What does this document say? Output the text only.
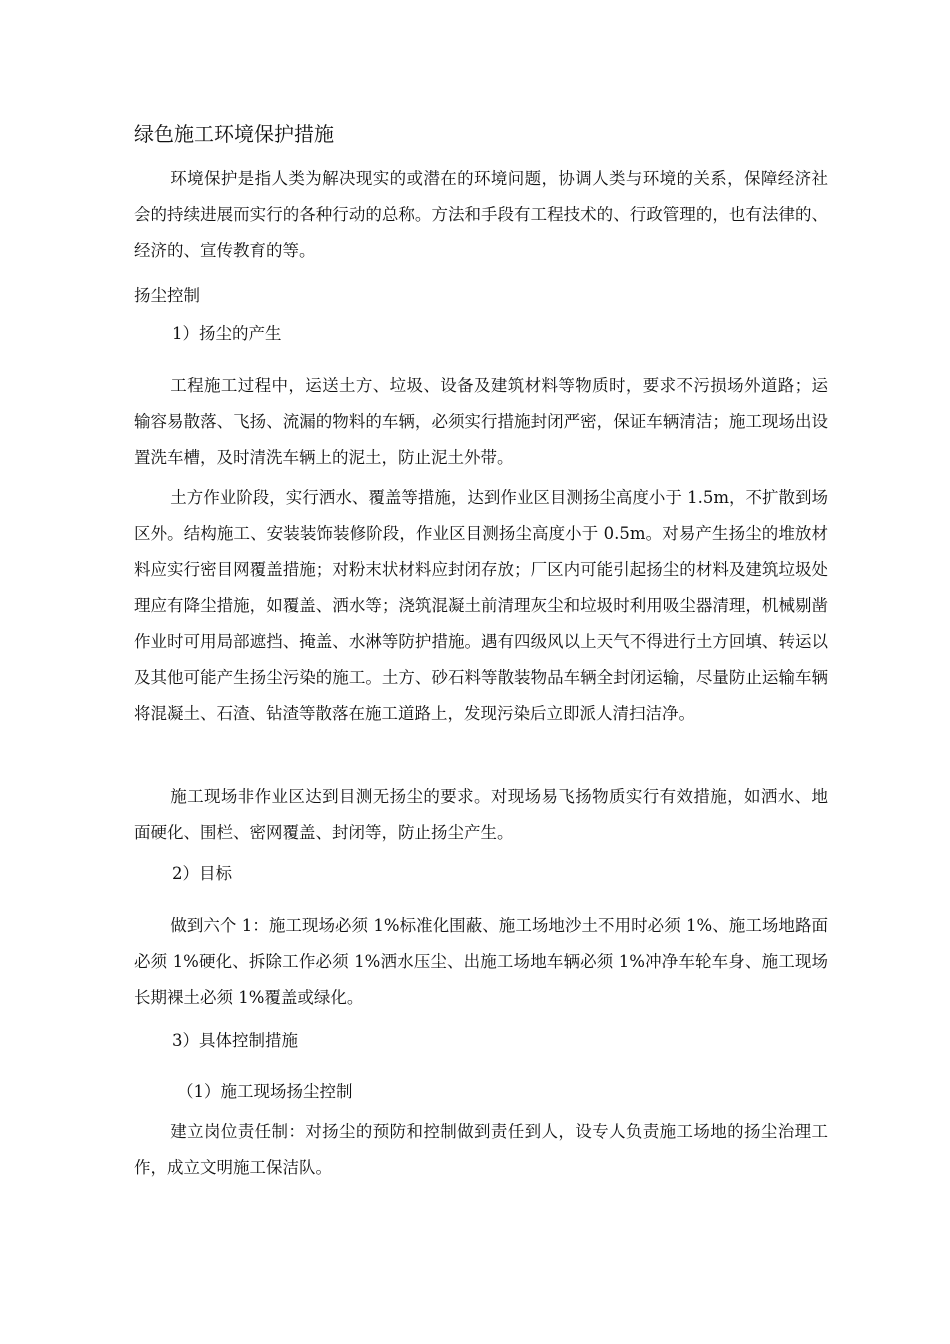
绿色施工环境保护措施

环境保护是指人类为解决现实的或潜在的环境问题，协调人类与环境的关系，保障经济社会的持续进展而实行的各种行动的总称。方法和手段有工程技术的、行政管理的，也有法律的、经济的、宣传教育的等。

扬尘控制
1）扬尘的产生

工程施工过程中，运送土方、垃圾、设备及建筑材料等物质时，要求不污损场外道路；运输容易散落、飞扬、流漏的物料的车辆，必须实行措施封闭严密，保证车辆清洁；施工现场出设置洗车槽，及时清洗车辆上的泥土，防止泥土外带。

土方作业阶段，实行洒水、覆盖等措施，达到作业区目测扬尘高度小于 1.5m，不扩散到场区外。结构施工、安装装饰装修阶段，作业区目测扬尘高度小于 0.5m。对易产生扬尘的堆放材料应实行密目网覆盖措施；对粉末状材料应封闭存放；厂区内可能引起扬尘的材料及建筑垃圾处理应有降尘措施，如覆盖、洒水等；浇筑混凝土前清理灰尘和垃圾时利用吸尘器清理，机械剔凿作业时可用局部遮挡、掩盖、水淋等防护措施。遇有四级风以上天气不得进行土方回填、转运以及其他可能产生扬尘污染的施工。土方、砂石料等散装物品车辆全封闭运输，尽量防止运输车辆将混凝土、石渣、钻渣等散落在施工道路上，发现污染后立即派人清扫洁净。

施工现场非作业区达到目测无扬尘的要求。对现场易飞扬物质实行有效措施，如洒水、地面硬化、围栏、密网覆盖、封闭等，防止扬尘产生。

2）目标

做到六个 1：施工现场必须 1%标准化围蔽、施工场地沙土不用时必须 1%、施工场地路面必须 1%硬化、拆除工作必须 1%洒水压尘、出施工场地车辆必须 1%冲净车轮车身、施工现场长期裸土必须 1%覆盖或绿化。

3）具体控制措施
（1）施工现场扬尘控制

建立岗位责任制：对扬尘的预防和控制做到责任到人，设专人负责施工场地的扬尘治理工作，成立文明施工保洁队。
